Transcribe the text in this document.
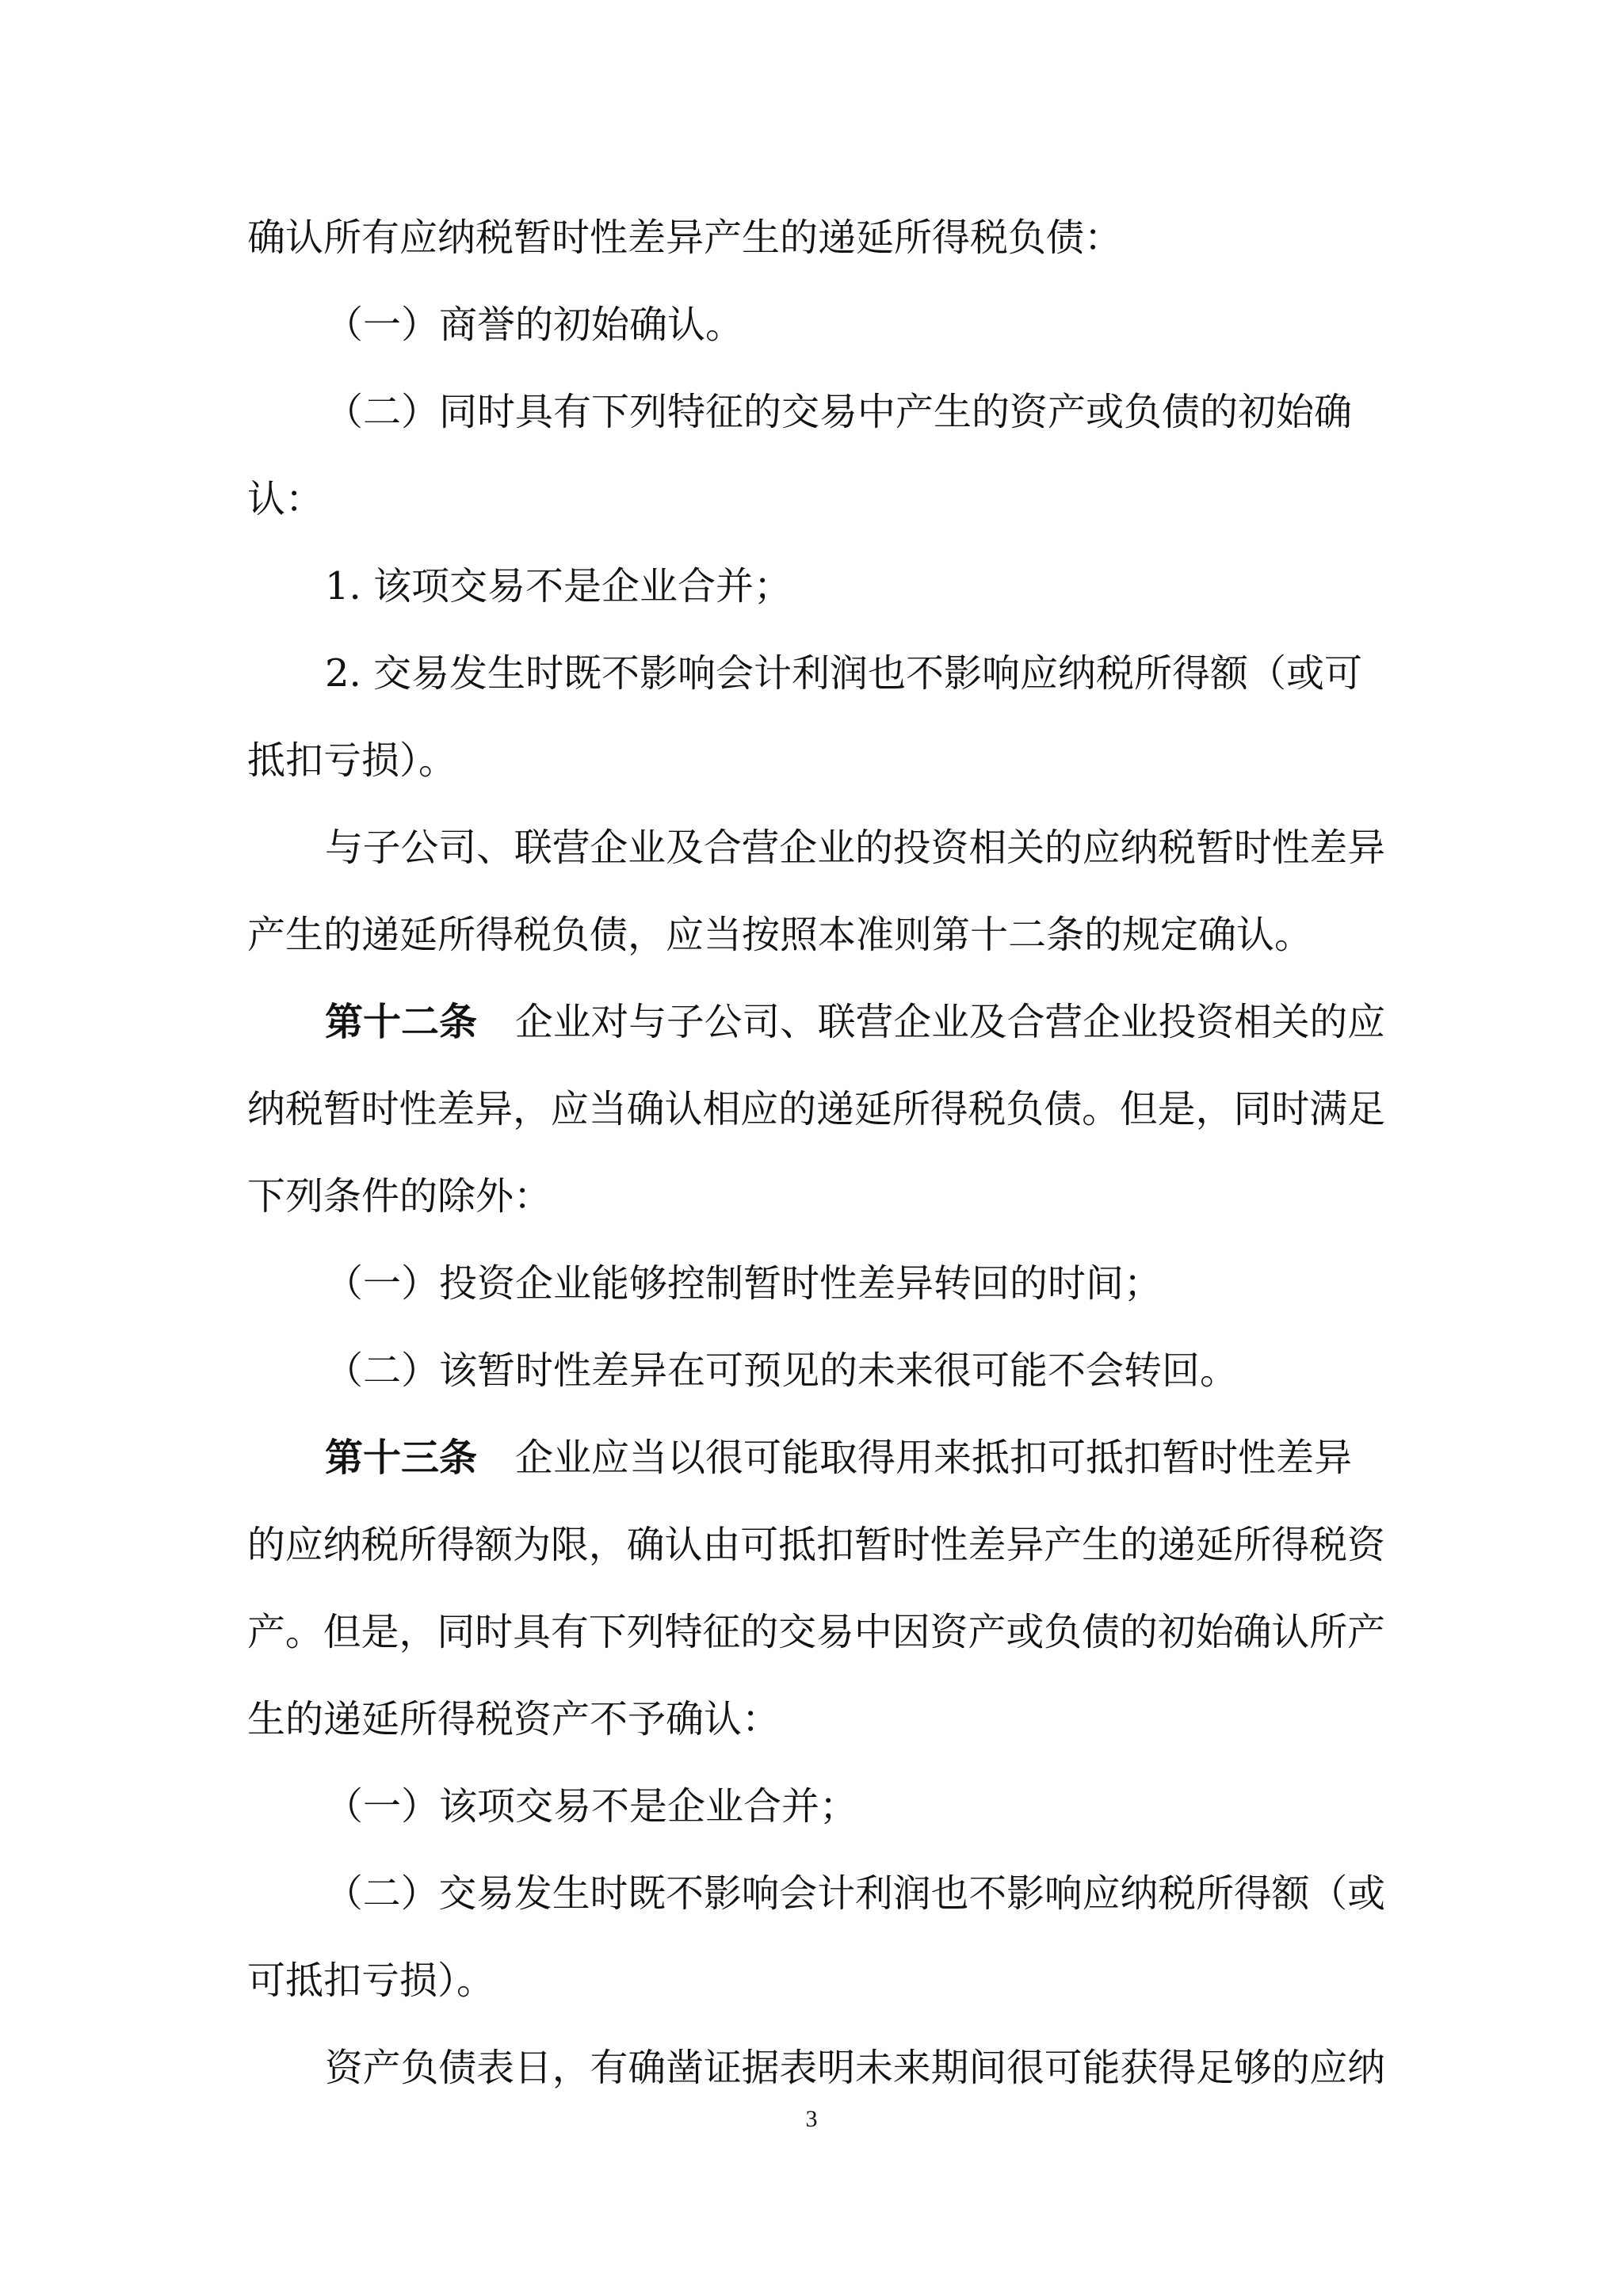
确认所有应纳税暂时性差异产生的递延所得税负债：

（一）商誉的初始确认。

（二）同时具有下列特征的交易中产生的资产或负债的初始确

认：

1. 该项交易不是企业合并；

2. 交易发生时既不影响会计利润也不影响应纳税所得额（或可

抵扣亏损）。

与子公司、联营企业及合营企业的投资相关的应纳税暂时性差异

产生的递延所得税负债，应当按照本准则第十二条的规定确认。

第十二条 企业对与子公司、联营企业及合营企业投资相关的应

纳税暂时性差异，应当确认相应的递延所得税负债。但是，同时满足

下列条件的除外：

（一）投资企业能够控制暂时性差异转回的时间；

（二）该暂时性差异在可预见的未来很可能不会转回。

第十三条 企业应当以很可能取得用来抵扣可抵扣暂时性差异

的应纳税所得额为限，确认由可抵扣暂时性差异产生的递延所得税资

产。但是，同时具有下列特征的交易中因资产或负债的初始确认所产

生的递延所得税资产不予确认：

（一）该项交易不是企业合并；

（二）交易发生时既不影响会计利润也不影响应纳税所得额（或

可抵扣亏损）。

资产负债表日，有确凿证据表明未来期间很可能获得足够的应纳

3
